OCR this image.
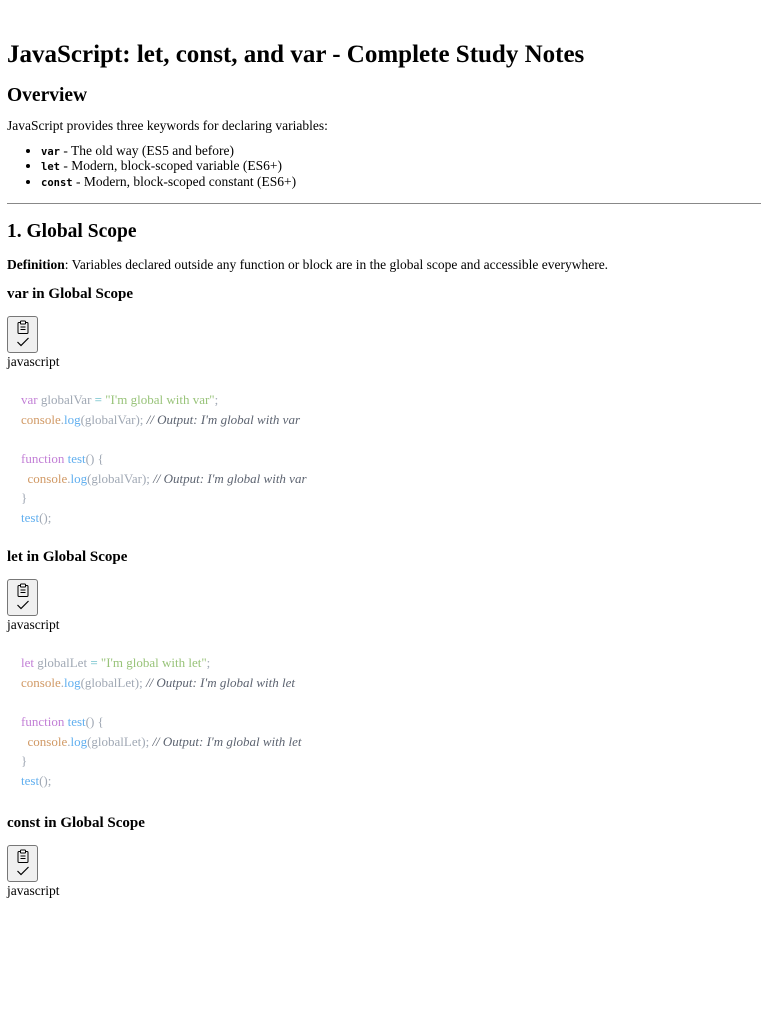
JavaScript: let, const, and var - Complete Study Notes
Overview

JavaScript provides three keywords for declaring variables:

• var - The old way (ES5 and before)
• let - Modern, block-scoped variable (ES6+)
• const - Modern, block-scoped constant (ES6+)
1. Global Scope

Definition: Variables declared outside any function or block are in the global scope and accessible everywhere.

var in Global Scope
javascript
var globalVar = "I'm global with var";
console.log(globalVar); // Output: I'm global with var

function test() {
console.log(globalVar); // Output: I'm global with var
}
test();
let in Global Scope
javascript
let globalLet = "I'm global with let";
console.log(globalLet); // Output: I'm global with let

function test() {
console.log(globalLet); // Output: I'm global with let
}
test();
const in Global Scope
javascript
